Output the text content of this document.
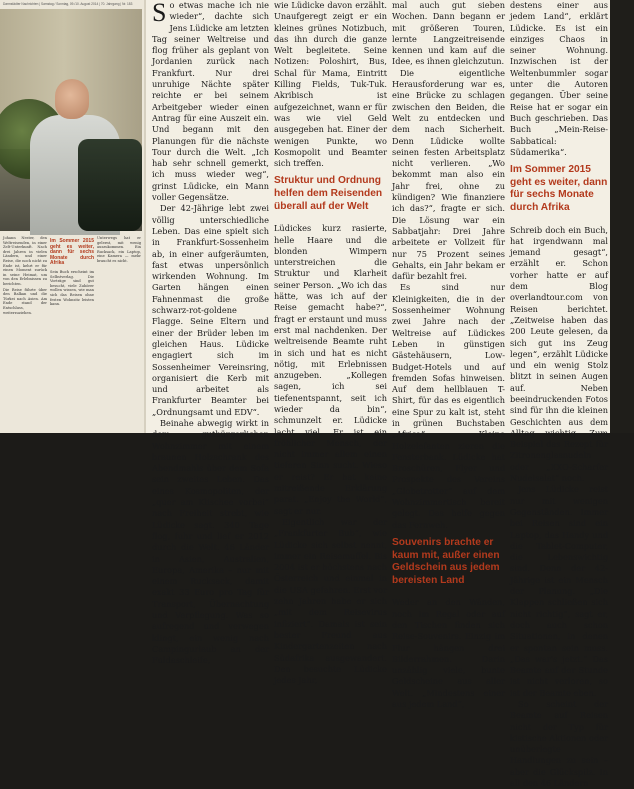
Darmstädter Nachrichten | Samstag / Sonntag, 09./10. August 2014 | 70. Jahrgang | Nr. 183

Johann Nester, den Weltreisenden, in einer Zelt-Unterkunft. Nach drei Jahren in vielen Ländern, und einer Reise, die noch nicht zu Ende ist, kehrt er für einen Moment zurück in seine Heimat, um von den Erlebnissen zu berichten.

Die Reise führte über den Balkan und die Türkei nach Asien. Am Ende stand der Entschluss, weiterzuziehen.

Im Sommer 2015 geht es weiter, dann für sechs Monate durch Afrika

Sein Buch erscheint im Selbstverlag. Die Vorträge sind gut besucht, viele Zuhörer wollen wissen, wie man sich das Reisen ohne festen Wohnsitz leisten kann.

Unterwegs hat er gelernt, mit wenig auszukommen. Ein Rucksack, ein Laptop, eine Kamera — mehr braucht es nicht.

So etwas mache ich nie wieder“, dachte sich Jens Lüdicke am letzten Tag seiner Weltreise und flog früher als geplant von Jordanien zurück nach Frankfurt. Nur drei unruhige Nächte später reichte er bei seinem Arbeitgeber wieder einen Antrag für eine Auszeit ein. Und begann mit den Planungen für die nächste Tour durch die Welt. „Ich hab sehr schnell gemerkt, ich muss wieder weg“, grinst Lüdicke, ein Mann voller Gegensätze.

Der 42-Jährige lebt zwei völlig unterschiedliche Leben. Das eine spielt sich in Frankfurt-Sossenheim ab, in einer aufgeräumten, fast etwas unpersönlich wirkenden Wohnung. Im Garten hängen einen Fahnenmast die große schwarz-rot-goldene Flagge. Seine Eltern und einer der Brüder leben im gleichen Haus. Lüdicke engagiert sich im Sossenheimer Vereinsring, organisiert die Kerb mit und arbeitet als Frankfurter Beamter bei „Ordnungsamt und EDV“.

Beinahe abwegig wirkt in dem gutbürgerlichen Wohnzimmer mit einem braunen Holzschrank des Abendmahls über dem Sofa sein zweites Leben. Das eines Kosmopoliten, der „quer am Klischee vorbei“ nach Freiheit strebt, wie Lüdicke sagt. 340 Tage flog, fuhr und lief er 2012 durch die Welt. 46 Länder in Asien, Australien, Europa, Amerika – nur mit einem Rucksack, damit exakt 33 Euro pro Tag für Transport, Übernachtung und Verpflegung. Was so aufregend und verwegen klingt, ein wenig nach Campingurlaub an der Fuldaschleife,

wie Lüdicke davon erzählt. Unaufgeregt zeigt er ein kleines grünes Notizbuch, das ihn durch die ganze Welt begleitete. Seine Notizen: Poloshirt, Bus, Schal für Mama, Eintritt Killing Fields, Tuk-Tuk. Akribisch ist aufgezeichnet, wann er für was wie viel Geld ausgegeben hat. Einer der wenigen Punkte, wo Kosmopolit und Beamter sich treffen.

Struktur und Ordnung helfen dem Reisenden überall auf der Welt

Lüdickes kurz rasierte, helle Haare und die blonden Wimpern unterstreichen die Struktur und Klarheit seiner Person. „Wo ich das hätte, was ich auf der Reise gemacht habe?“, fragt er erstaunt und muss erst mal nachdenken. Der weltreisende Beamte ruht in sich und hat es nicht nötig, mit Erlebnissen anzugeben. „Kollegen sagen, ich sei tiefenentspannt, seit ich wieder da bin“, schmunzelt er. Lüdicke lacht viel. Er ist ein fröhlicher Mensch, der nicht immer allem einen tieferen Sinn sucht. Wieso er reist? Er hat keine mitreißende Erklärung parat. „Enjoy the World“, sagt er nur.

Eigentlich war der „Frankfurter Bub“, wie Lüdicke sich selbst nennt, immer ein Reisemuffel. Bis 2004 ist er höchstens nach Österreich und einmal in die USA gefahren. Erst vor zehn Jahren habe er sich „mit dem Reisevirus infiziert“. Damals ist sein bester Freund aus Kindergartenzeiten nach Südafrika ausgewandert. Den besuchte Lüdicke jedes Jahr,

mal auch gut sieben Wochen. Dann begann er mit größeren Touren, lernte Langzeitreisende kennen und kam auf die Idee, es ihnen gleichzutun.

Die eigentliche Herausforderung war es, eine Brücke zu schlagen zwischen den Beiden, die Welt zu entdecken und dem nach Sicherheit. Denn Lüdicke wollte seinen festen Arbeitsplatz nicht verlieren. „Wo bekommt man also ein Jahr frei, ohne zu kündigen? Wie finanziere ich das?“, fragte er sich. Die Lösung war ein Sabbatjahr: Drei Jahre arbeitete er Vollzeit für nur 75 Prozent seines Gehalts, ein Jahr bekam er dafür bezahlt frei.

Es sind nur Kleinigkeiten, die in der Sossenheimer Wohnung zwei Jahre nach der Weltreise auf Lüdickes Leben in günstigen Gästehäusern, Low-Budget-Hotels und auf fremden Sofas hinweisen. Auf dem hellblauen T-Shirt, für das es eigentlich eine Spur zu kalt ist, steht in grünen Buchstaben „Africa“. Kleine Holzelefanten zieren die Fensterbank. Lüdicke hat Broschüren, Flyer und Prospekte des Vereins „Globetrotter“ auf dem Wohnzimmertisch bereit gelegt. Das helfe gegen das Fernweh.

Souvenirs brachte er kaum mit, außer einen Geldschein aus jedem bereisten Land

Weder an den Wänden, noch im Regal oder auf den Tischen finden sich Reise-Souvenirs. Einzig im Flur hängen drei Bilderrahmen. Darin unzählig viele, bunte Geldscheine aus aller Welt. „Mindestens einer aus jedem Land“,

destens einer aus jedem Land“, erklärt Lüdicke. Es ist ein einziges Chaos in seiner Wohnung. Inzwischen ist der Weltenbummler sogar unter die Autoren gegangen. Über seine Reise hat er sogar ein Buch geschrieben. Das Buch „Mein-Reise-Sabbatical: Südamerika“.

Im Sommer 2015 geht es weiter, dann für sechs Monate durch Afrika

Schreib doch ein Buch, hat irgendwann mal jemand gesagt“, erzählt er. Schon vorher hatte er auf dem Blog overlandtour.com von Reisen berichtet. „Zeitweise haben das 200 Leute gelesen, da sich gut ins Zeug legen“, erzählt Lüdicke und ein wenig Stolz blitzt in seinen Augen auf. Neben beeindruckenden Fotos sind für ihn die kleinen Geschichten aus dem Alltag wichtig. Zum Beispiel das Rezept für Zitronenglasnudeln oder „XXO-Scharfer Nudelsalat“ noch.

Jens Lüdicke reist nur mit wenigen Gegenständen. Immer bei Reisen sind ein Laptop, das Handy und die Tablet-Computer, die Lebenswichtig sind. Denn der 42-Jährige ist ein Mensch der Planung. „Die Klappen schließen sich nicht richtig“, sagt er, doch auch schon Situationen, in denen er spontan sein muss. „Das war's jetzt.“ Das Beamte auf der Stunde ist nicht verloren, so ist der Beamte eben.

So scheint der Beamte auf Reisen nicht der Typ für kistische Aktionen oder unüberlegte Handlungen zu sein – aber die Glückspilz. In all den 46 Ländern
